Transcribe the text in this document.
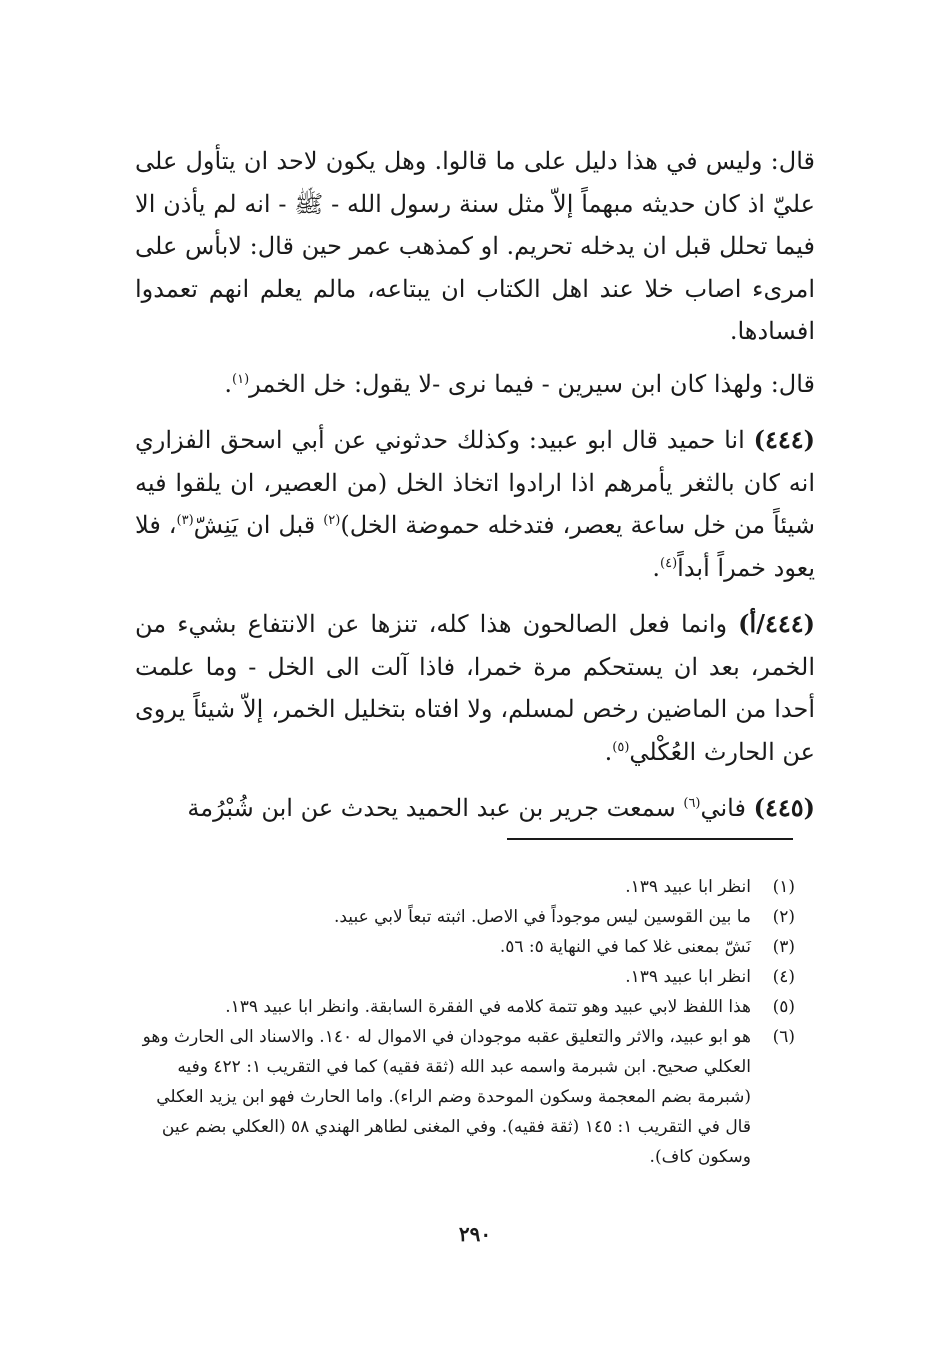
قال: وليس في هذا دليل على ما قالوا. وهل يكون لاحد ان يتأول على عليّ اذ كان حديثه مبهماً إلاّ مثل سنة رسول الله - ﷺ - انه لم يأذن الا فيما تحلل قبل ان يدخله تحريم. او كمذهب عمر حين قال: لابأس على امرىء اصاب خلا عند اهل الكتاب ان يبتاعه، مالم يعلم انهم تعمدوا افسادها.

قال: ولهذا كان ابن سيرين - فيما نرى -لا يقول: خل الخمر$^{(١)}$.

(٤٤٤) انا حميد قال ابو عبيد: وكذلك حدثوني عن أبي اسحق الفزاري انه كان بالثغر يأمرهم اذا ارادوا اتخاذ الخل (من العصير، ان يلقوا فيه شيئاً من خل ساعة يعصر، فتدخله حموضة الخل)$^{(٢)}$ قبل ان يَنِشّ$^{(٣)}$، فلا يعود خمراً أبداً$^{(٤)}$.

(٤٤٤/أ) وانما فعل الصالحون هذا كله، تنزها عن الانتفاع بشيء من الخمر، بعد ان يستحكم مرة خمرا، فاذا آلت الى الخل - وما علمت أحدا من الماضين رخص لمسلم، ولا افتاه بتخليل الخمر، إلاّ شيئاً يروى عن الحارث العُكْلي$^{(٥)}$.

(٤٤٥) فاني$^{(٦)}$ سمعت جرير بن عبد الحميد يحدث عن ابن شُبْرُمة

(١)
انظر ابا عبيد ١٣٩.
(٢)
ما بين القوسين ليس موجوداً في الاصل. اثبته تبعاً لابي عبيد.
(٣)
نَشّ بمعنى غلا كما في النهاية ٥: ٥٦.
(٤)
انظر ابا عبيد ١٣٩.
(٥)
هذا اللفظ لابي عبيد وهو تتمة كلامه في الفقرة السابقة. وانظر ابا عبيد ١٣٩.
(٦)
هو ابو عبيد، والاثر والتعليق عقبه موجودان في الاموال له ١٤٠. والاسناد الى الحارث وهو العكلي صحيح. ابن شبرمة واسمه عبد الله (ثقة فقيه) كما في التقريب ١: ٤٢٢ وفيه (شبرمة بضم المعجمة وسكون الموحدة وضم الراء). واما الحارث فهو ابن يزيد العكلي قال في التقريب ١: ١٤٥ (ثقة فقيه). وفي المغنى لطاهر الهندي ٥٨ (العكلي بضم عين وسكون كاف).
٢٩٠
